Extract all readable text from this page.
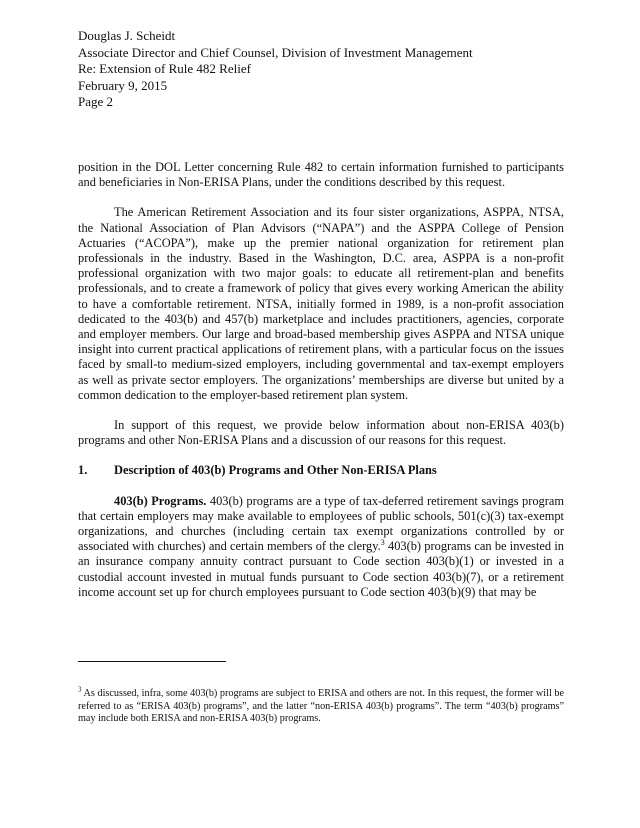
Douglas J. Scheidt
Associate Director and Chief Counsel, Division of Investment Management
Re: Extension of Rule 482 Relief
February 9, 2015
Page 2

position in the DOL Letter concerning Rule 482 to certain information furnished to participants and beneficiaries in Non-ERISA Plans, under the conditions described by this request.

The American Retirement Association and its four sister organizations, ASPPA, NTSA, the National Association of Plan Advisors (“NAPA”) and the ASPPA College of Pension Actuaries (“ACOPA”), make up the premier national organization for retirement plan professionals in the industry. Based in the Washington, D.C. area, ASPPA is a non-profit professional organization with two major goals: to educate all retirement-plan and benefits professionals, and to create a framework of policy that gives every working American the ability to have a comfortable retirement. NTSA, initially formed in 1989, is a non-profit association dedicated to the 403(b) and 457(b) marketplace and includes practitioners, agencies, corporate and employer members. Our large and broad-based membership gives ASPPA and NTSA unique insight into current practical applications of retirement plans, with a particular focus on the issues faced by small-to medium-sized employers, including governmental and tax-exempt employers as well as private sector employers. The organizations’ memberships are diverse but united by a common dedication to the employer-based retirement plan system.

In support of this request, we provide below information about non-ERISA 403(b) programs and other Non-ERISA Plans and a discussion of our reasons for this request.

1.	Description of 403(b) Programs and Other Non-ERISA Plans

403(b) Programs. 403(b) programs are a type of tax-deferred retirement savings program that certain employers may make available to employees of public schools, 501(c)(3) tax-exempt organizations, and churches (including certain tax exempt organizations controlled by or associated with churches) and certain members of the clergy.$^3$ 403(b) programs can be invested in an insurance company annuity contract pursuant to Code section 403(b)(1) or invested in a custodial account invested in mutual funds pursuant to Code section 403(b)(7), or a retirement income account set up for church employees pursuant to Code section 403(b)(9) that may be

$^3$ As discussed, infra, some 403(b) programs are subject to ERISA and others are not. In this request, the former will be referred to as “ERISA 403(b) programs”, and the latter “non-ERISA 403(b) programs”. The term “403(b) programs” may include both ERISA and non-ERISA 403(b) programs.
